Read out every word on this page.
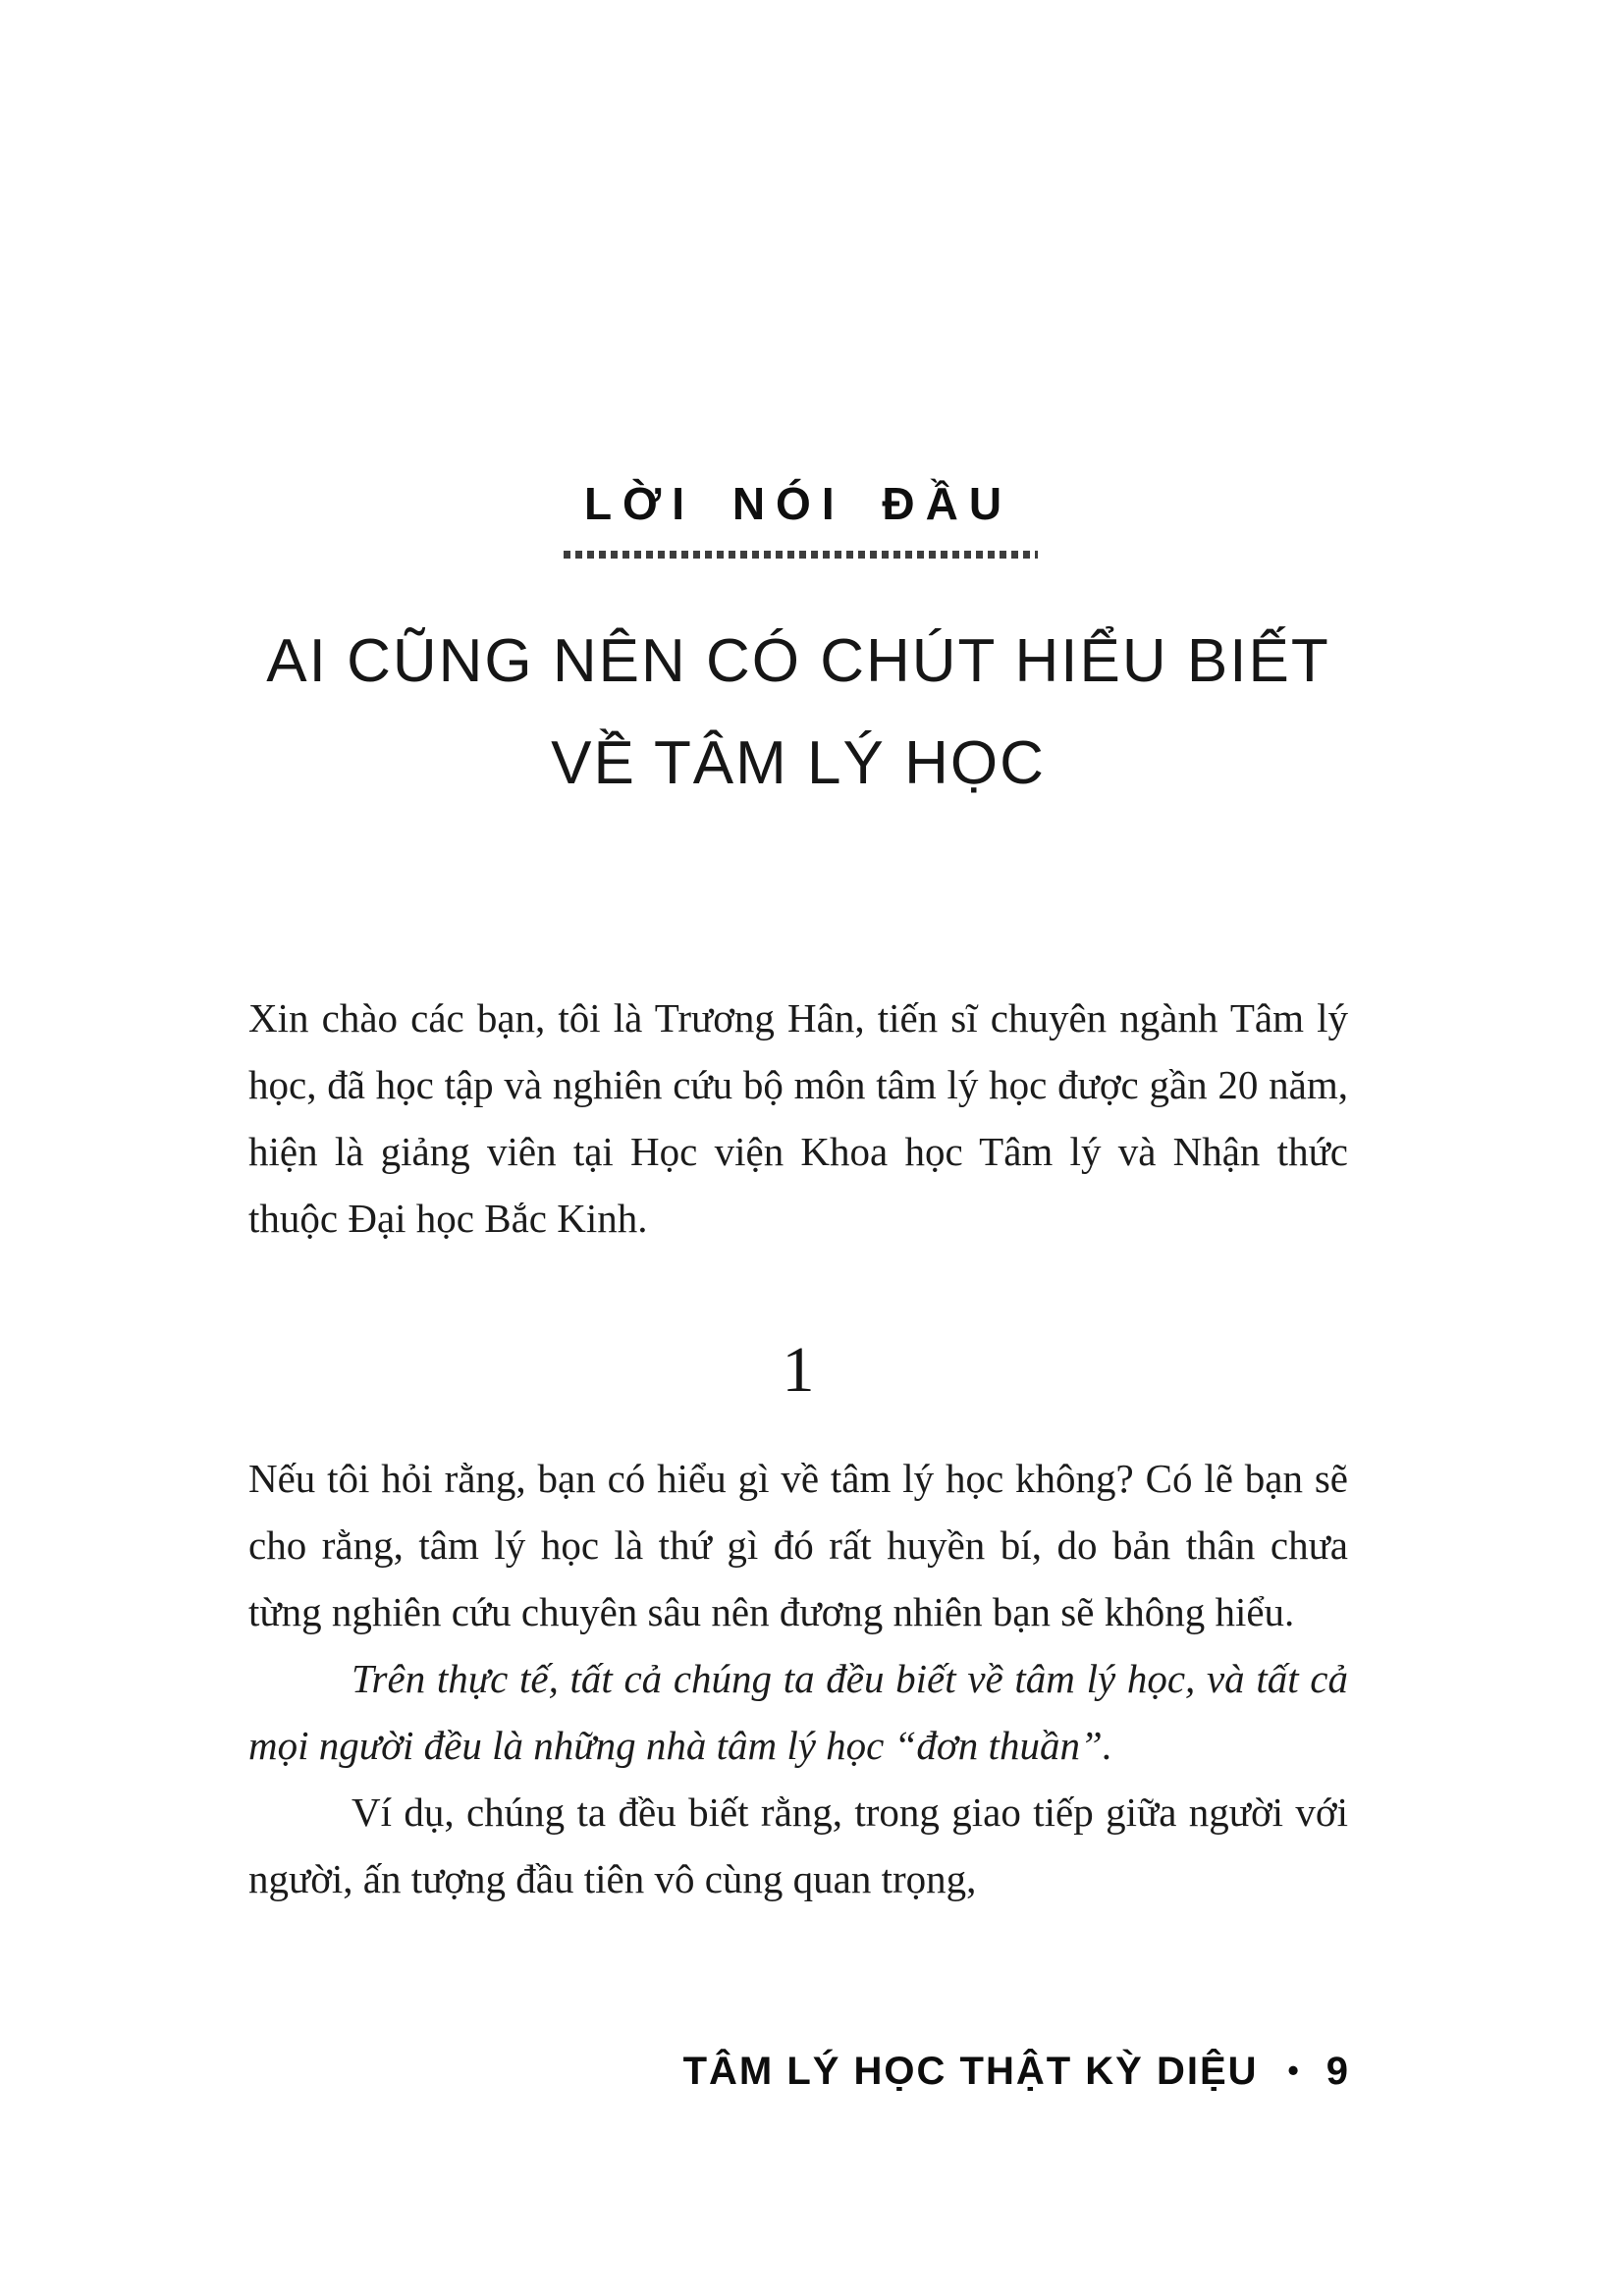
LỜI NÓI ĐẦU
AI CŨNG NÊN CÓ CHÚT HIỂU BIẾT
VỀ TÂM LÝ HỌC
Xin chào các bạn, tôi là Trương Hân, tiến sĩ chuyên ngành Tâm lý học, đã học tập và nghiên cứu bộ môn tâm lý học được gần 20 năm, hiện là giảng viên tại Học viện Khoa học Tâm lý và Nhận thức thuộc Đại học Bắc Kinh.
1

Nếu tôi hỏi rằng, bạn có hiểu gì về tâm lý học không? Có lẽ bạn sẽ cho rằng, tâm lý học là thứ gì đó rất huyền bí, do bản thân chưa từng nghiên cứu chuyên sâu nên đương nhiên bạn sẽ không hiểu.

Trên thực tế, tất cả chúng ta đều biết về tâm lý học, và tất cả mọi người đều là những nhà tâm lý học “đơn thuần”.

Ví dụ, chúng ta đều biết rằng, trong giao tiếp giữa người với người, ấn tượng đầu tiên vô cùng quan trọng,

TÂM LÝ HỌC THẬT KỲ DIỆU • 9
